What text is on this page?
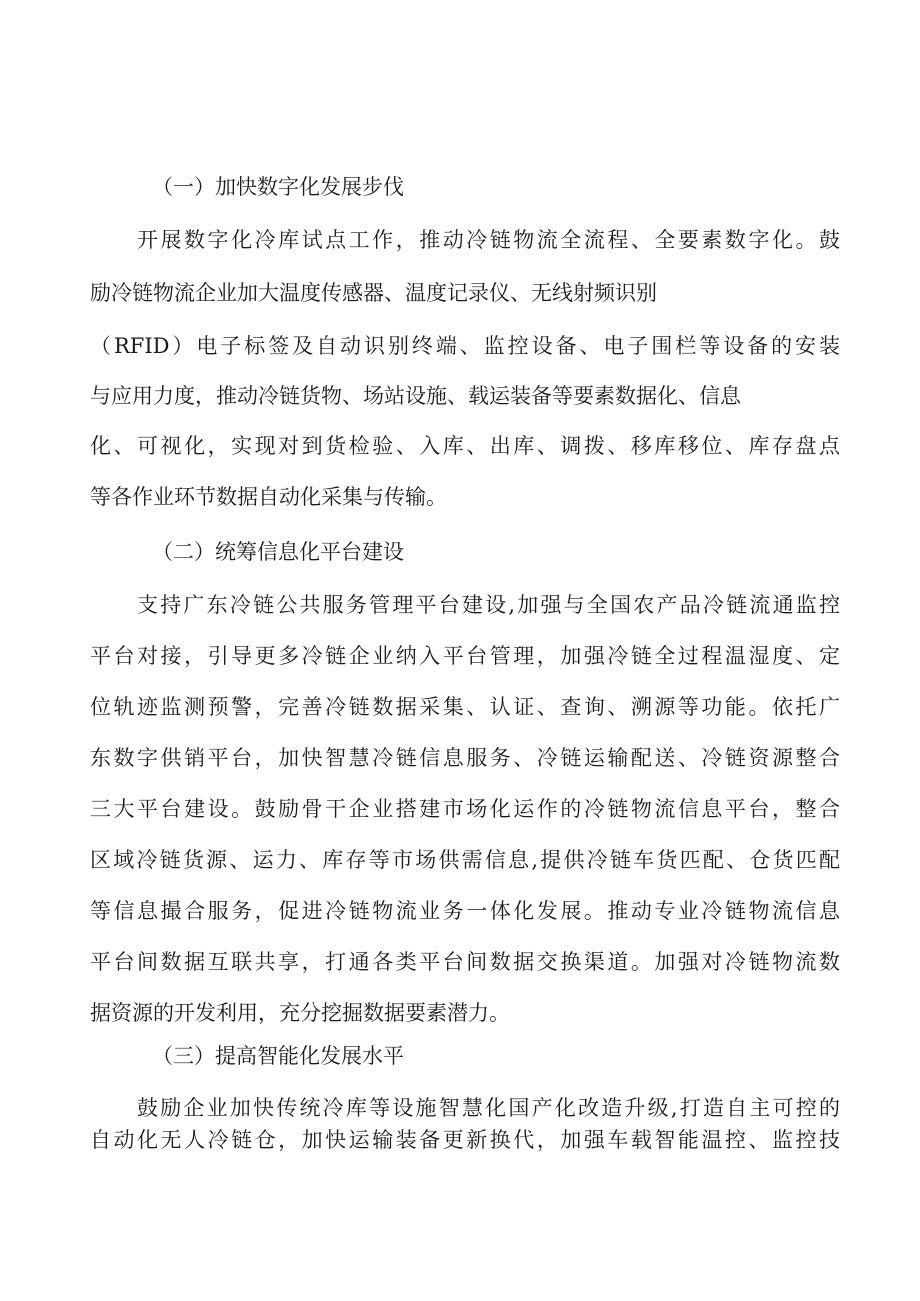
（一）加快数字化发展步伐

开展数字化冷库试点工作，推动冷链物流全流程、全要素数字化。鼓

励冷链物流企业加大温度传感器、温度记录仪、无线射频识别

（RFID）电子标签及自动识别终端、监控设备、电子围栏等设备的安装

与应用力度，推动冷链货物、场站设施、载运装备等要素数据化、信息

化、可视化，实现对到货检验、入库、出库、调拨、移库移位、库存盘点

等各作业环节数据自动化采集与传输。

（二）统筹信息化平台建设

支持广东冷链公共服务管理平台建设,加强与全国农产品冷链流通监控

平台对接，引导更多冷链企业纳入平台管理，加强冷链全过程温湿度、定

位轨迹监测预警，完善冷链数据采集、认证、查询、溯源等功能。依托广

东数字供销平台，加快智慧冷链信息服务、冷链运输配送、冷链资源整合

三大平台建设。鼓励骨干企业搭建市场化运作的冷链物流信息平台，整合

区域冷链货源、运力、库存等市场供需信息,提供冷链车货匹配、仓货匹配

等信息撮合服务，促进冷链物流业务一体化发展。推动专业冷链物流信息

平台间数据互联共享，打通各类平台间数据交换渠道。加强对冷链物流数

据资源的开发利用，充分挖掘数据要素潜力。

（三）提高智能化发展水平

鼓励企业加快传统冷库等设施智慧化国产化改造升级,打造自主可控的

自动化无人冷链仓，加快运输装备更新换代，加强车载智能温控、监控技
